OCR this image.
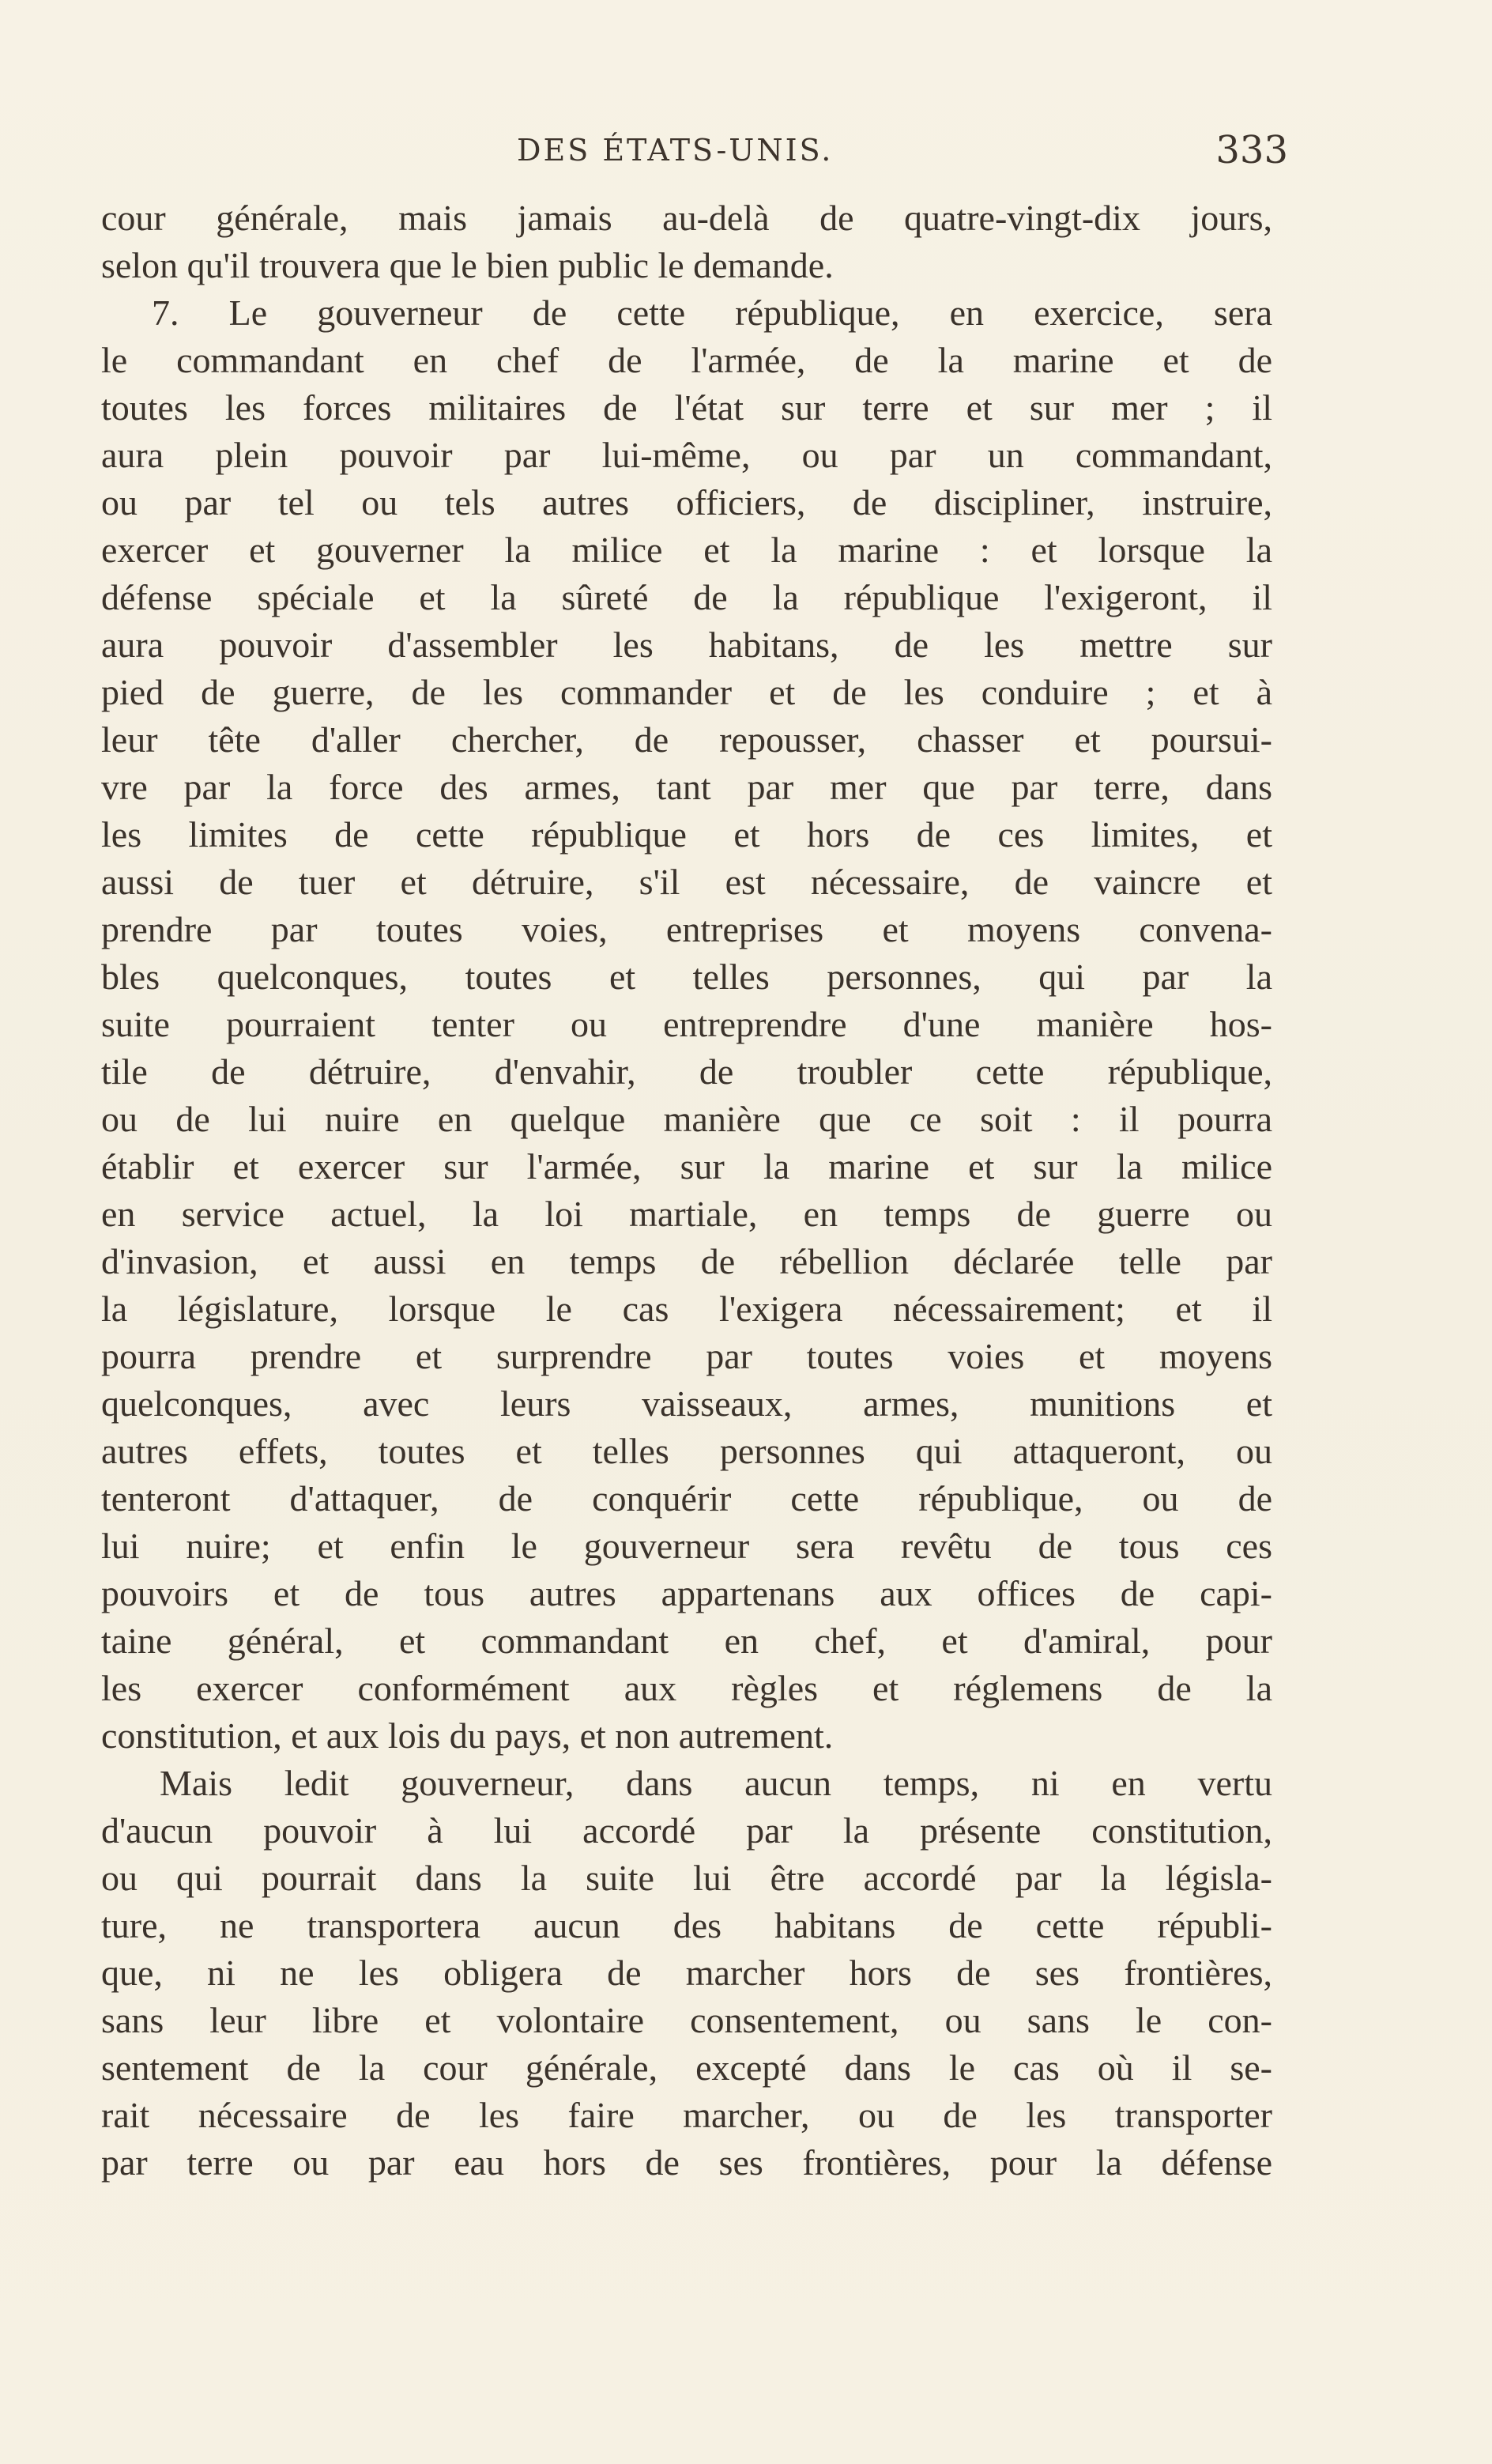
DES ÉTATS-UNIS.	333
cour générale, mais jamais au-delà de quatre-vingt-dix jours,
selon qu'il trouvera que le bien public le demande.
7. Le gouverneur de cette république, en exercice, sera
le commandant en chef de l'armée, de la marine et de
toutes les forces militaires de l'état sur terre et sur mer ; il
aura plein pouvoir par lui-même, ou par un commandant,
ou par tel ou tels autres officiers, de discipliner, instruire,
exercer et gouverner la milice et la marine : et lorsque la
défense spéciale et la sûreté de la république l'exigeront, il
aura pouvoir d'assembler les habitans, de les mettre sur
pied de guerre, de les commander et de les conduire ; et à
leur tête d'aller chercher, de repousser, chasser et poursui-
vre par la force des armes, tant par mer que par terre, dans
les limites de cette république et hors de ces limites, et
aussi de tuer et détruire, s'il est nécessaire, de vaincre et
prendre par toutes voies, entreprises et moyens convena-
bles quelconques, toutes et telles personnes, qui par la
suite pourraient tenter ou entreprendre d'une manière hos-
tile de détruire, d'envahir, de troubler cette république,
ou de lui nuire en quelque manière que ce soit : il pourra
établir et exercer sur l'armée, sur la marine et sur la milice
en service actuel, la loi martiale, en temps de guerre ou
d'invasion, et aussi en temps de rébellion déclarée telle par
la législature, lorsque le cas l'exigera nécessairement; et il
pourra prendre et surprendre par toutes voies et moyens
quelconques, avec leurs vaisseaux, armes, munitions et
autres effets, toutes et telles personnes qui attaqueront, ou
tenteront d'attaquer, de conquérir cette république, ou de
lui nuire; et enfin le gouverneur sera revêtu de tous ces
pouvoirs et de tous autres appartenans aux offices de capi-
taine général, et commandant en chef, et d'amiral, pour
les exercer conformément aux règles et réglemens de la
constitution, et aux lois du pays, et non autrement.
Mais ledit gouverneur, dans aucun temps, ni en vertu
d'aucun pouvoir à lui accordé par la présente constitution,
ou qui pourrait dans la suite lui être accordé par la législa-
ture, ne transportera aucun des habitans de cette républi-
que, ni ne les obligera de marcher hors de ses frontières,
sans leur libre et volontaire consentement, ou sans le con-
sentement de la cour générale, excepté dans le cas où il se-
rait nécessaire de les faire marcher, ou de les transporter
par terre ou par eau hors de ses frontières, pour la défense
